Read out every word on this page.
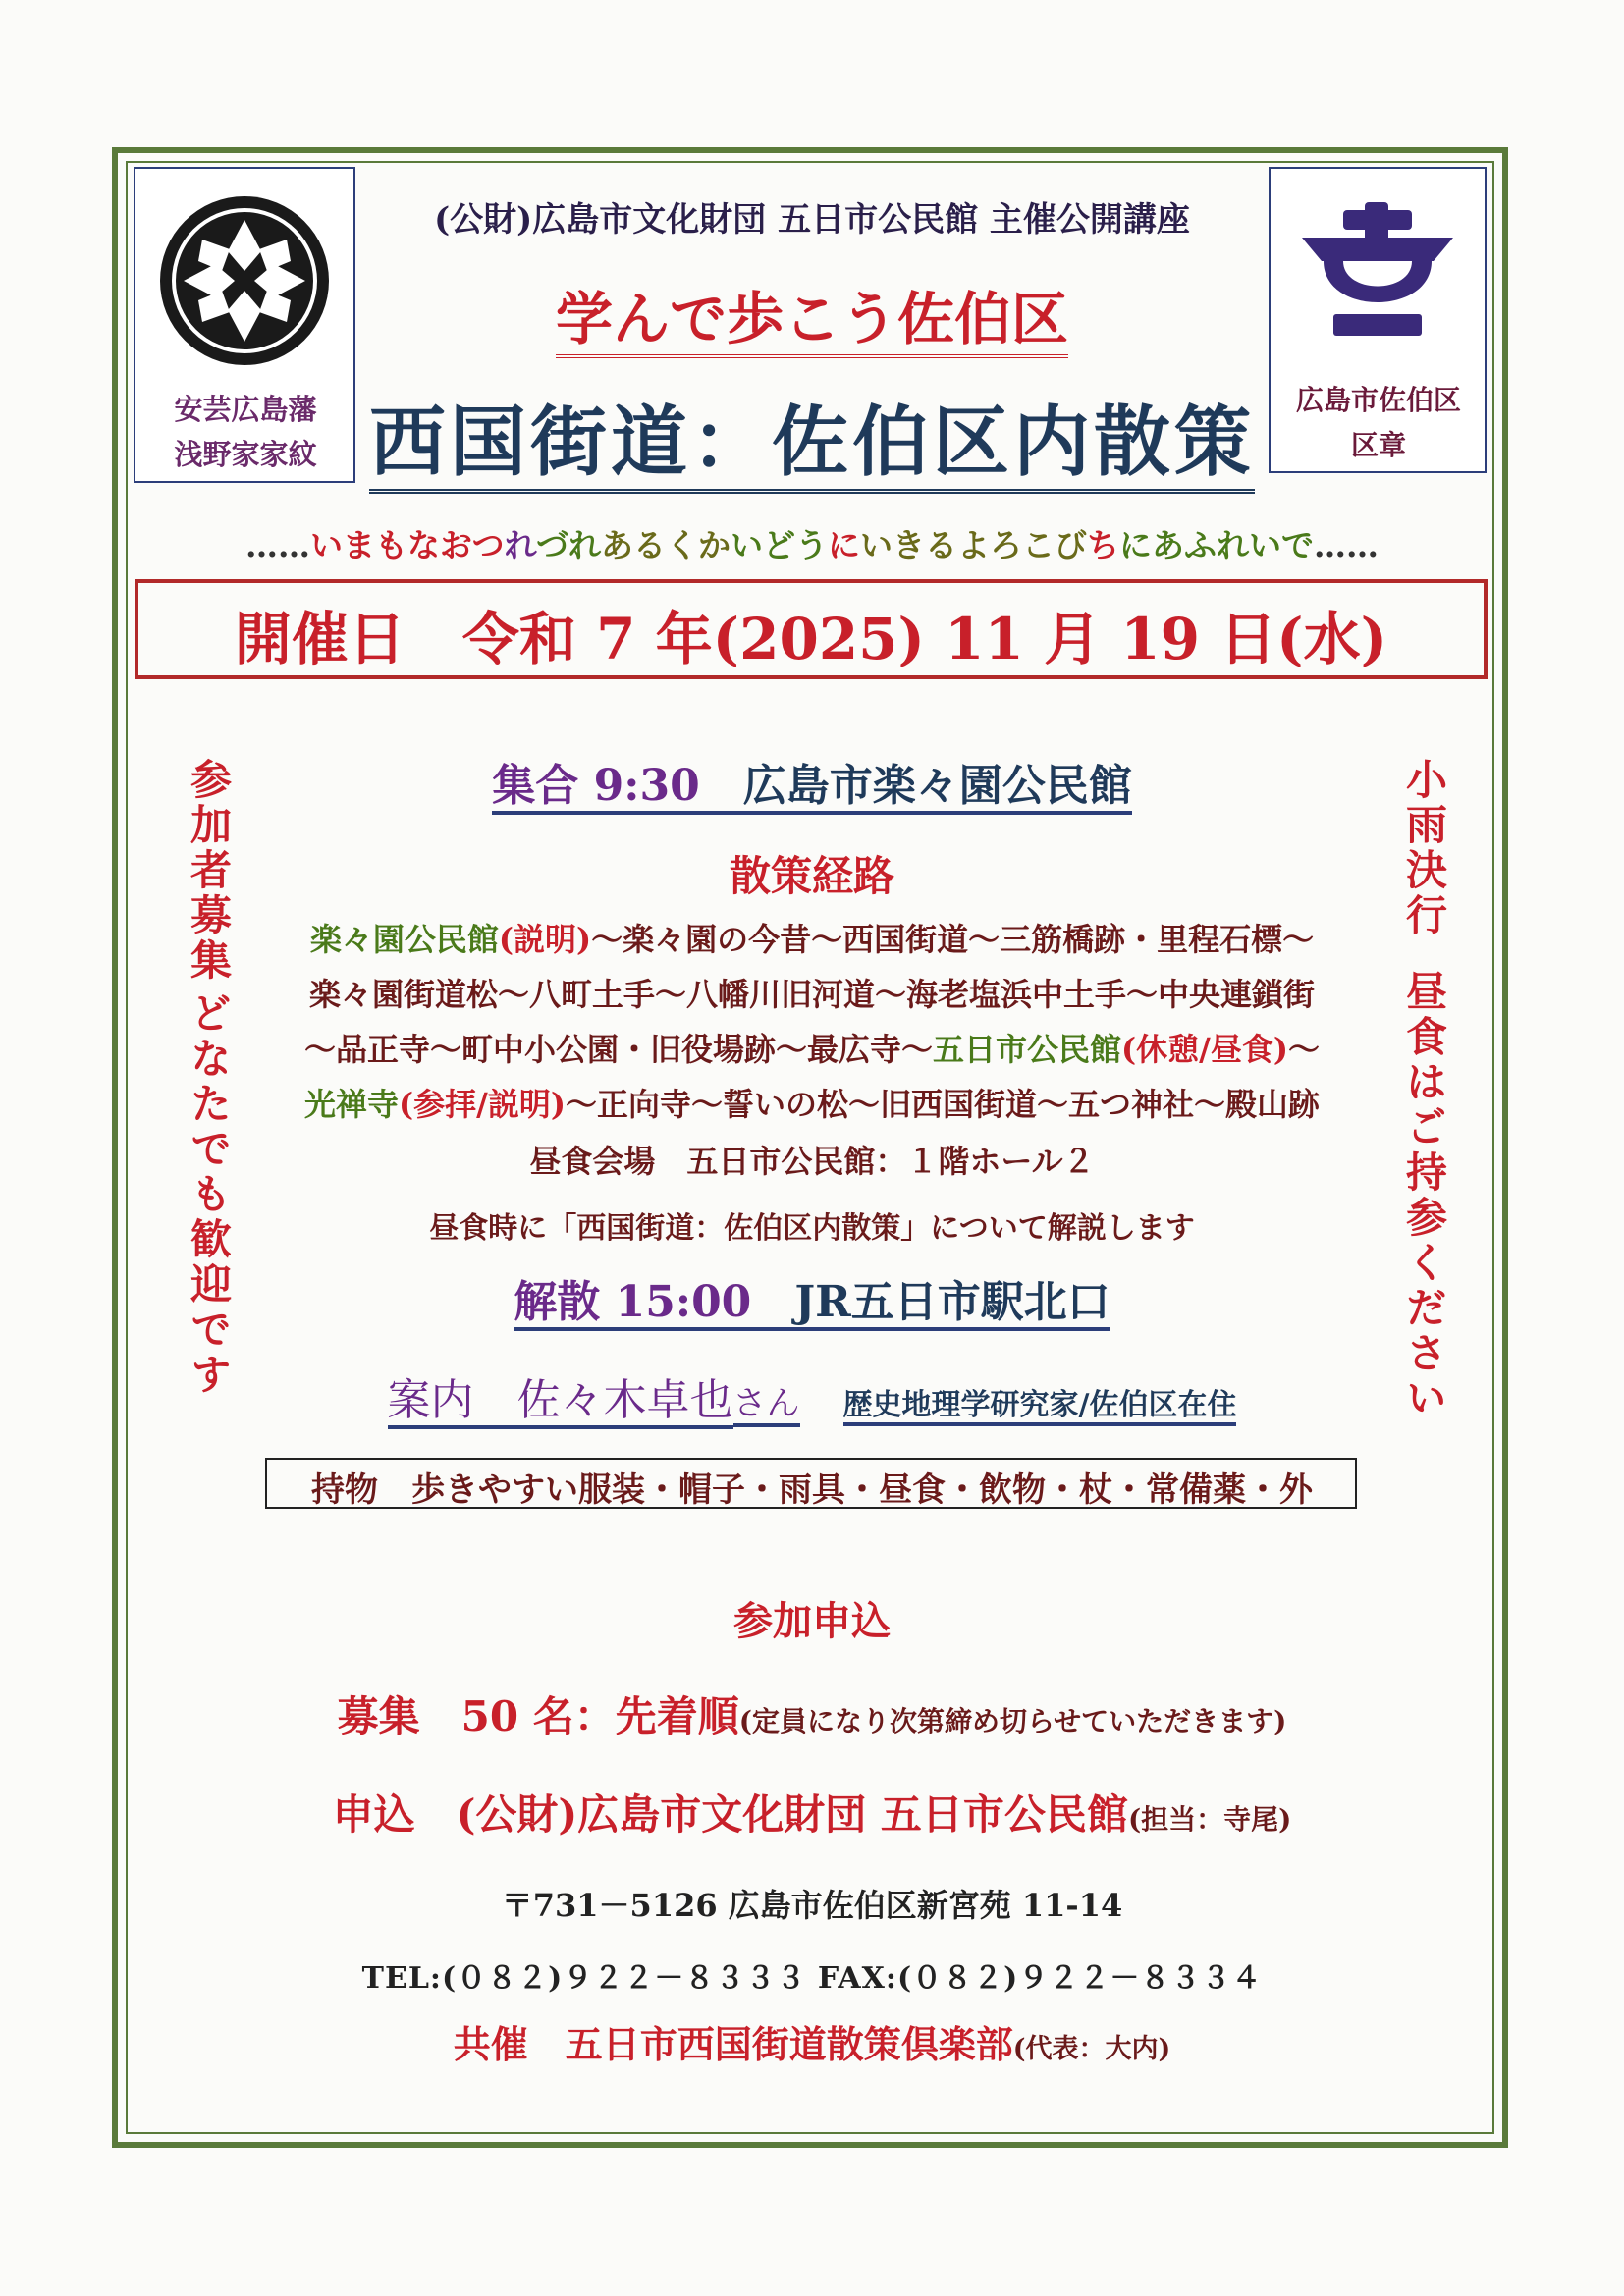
安芸広島藩
浅野家家紋
広島市佐伯区
区章
(公財)広島市文化財団 五日市公民館 主催公開講座
学んで歩こう佐伯区
西国街道：佐伯区内散策
……いまもなおつれづれあるくかいどうにいきるよろこびちにあふれいで……
開催日　令和 7 年(2025) 11 月 19 日(水)
参加者募集
どなたでも歓迎です
小雨決行
昼食はご持参ください
集合 9:30　 広島市楽々園公民館
散策経路
楽々園公民館(説明)～楽々園の今昔～西国街道～三筋橋跡・里程石標～
楽々園街道松～八町土手～八幡川旧河道～海老塩浜中土手～中央連鎖街
～品正寺～町中小公園・旧役場跡～最広寺～五日市公民館(休憩/昼食)～
光禅寺(参拝/説明)～正向寺～誓いの松～旧西国街道～五つ神社～殿山跡
昼食会場　五日市公民館：１階ホール２
昼食時に「西国街道：佐伯区内散策」について解説します
解散 15:00　 JR五日市駅北口
案内　佐々木卓也さん　 歴史地理学研究家/佐伯区在住
持物　 歩きやすい服装・帽子・雨具・昼食・飲物・杖・常備薬・外
参加申込
募集　50 名：先着順(定員になり次第締め切らせていただきます)
申込　(公財)広島市文化財団 五日市公民館(担当：寺尾)
〒731－5126 広島市佐伯区新宮苑 11-14
TEL:(０８２)９２２－８３３３ FAX:(０８２)９２２－８３３４
共催　五日市西国街道散策倶楽部(代表：大内)
